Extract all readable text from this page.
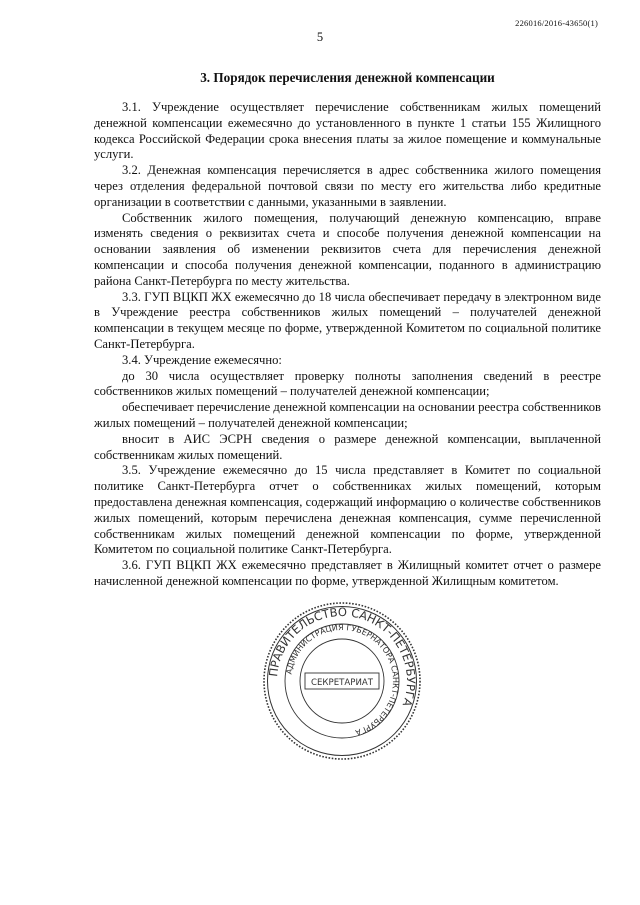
226016/2016-43650(1)
5
3. Порядок перечисления денежной компенсации

3.1. Учреждение осуществляет перечисление собственникам жилых помещений денежной компенсации ежемесячно до установленного в пункте 1 статьи 155 Жилищного кодекса Российской Федерации срока внесения платы за жилое помещение и коммунальные услуги.

3.2. Денежная компенсация перечисляется в адрес собственника жилого помещения через отделения федеральной почтовой связи по месту его жительства либо кредитные организации в соответствии с данными, указанными в заявлении.

Собственник жилого помещения, получающий денежную компенсацию, вправе изменять сведения о реквизитах счета и способе получения денежной компенсации на основании заявления об изменении реквизитов счета для перечисления денежной компенсации и способа получения денежной компенсации, поданного в администрацию района Санкт-Петербурга по месту жительства.

3.3. ГУП ВЦКП ЖХ ежемесячно до 18 числа обеспечивает передачу в электронном виде в Учреждение реестра собственников жилых помещений – получателей денежной компенсации в текущем месяце по форме, утвержденной Комитетом по социальной политике Санкт-Петербурга.

3.4. Учреждение ежемесячно:

до 30 числа осуществляет проверку полноты заполнения сведений в реестре собственников жилых помещений – получателей денежной компенсации;

обеспечивает перечисление денежной компенсации на основании реестра собственников жилых помещений – получателей денежной компенсации;

вносит в АИС ЭСРН сведения о размере денежной компенсации, выплаченной собственникам жилых помещений.

3.5. Учреждение ежемесячно до 15 числа представляет в Комитет по социальной политике Санкт-Петербурга отчет о собственниках жилых помещений, которым предоставлена денежная компенсация, содержащий информацию о количестве собственников жилых помещений, которым перечислена денежная компенсация, сумме перечисленной собственникам жилых помещений денежной компенсации по форме, утвержденной Комитетом по социальной политике Санкт-Петербурга.

3.6. ГУП ВЦКП ЖХ ежемесячно представляет в Жилищный комитет отчет о размере начисленной денежной компенсации по форме, утвержденной Жилищным комитетом.

ПРАВИТЕЛЬСТВО САНКТ-ПЕТЕРБУРГА
АДМИНИСТРАЦИЯ ГУБЕРНАТОРА САНКТ-ПЕТЕРБУРГА
СЕКРЕТАРИАТ
